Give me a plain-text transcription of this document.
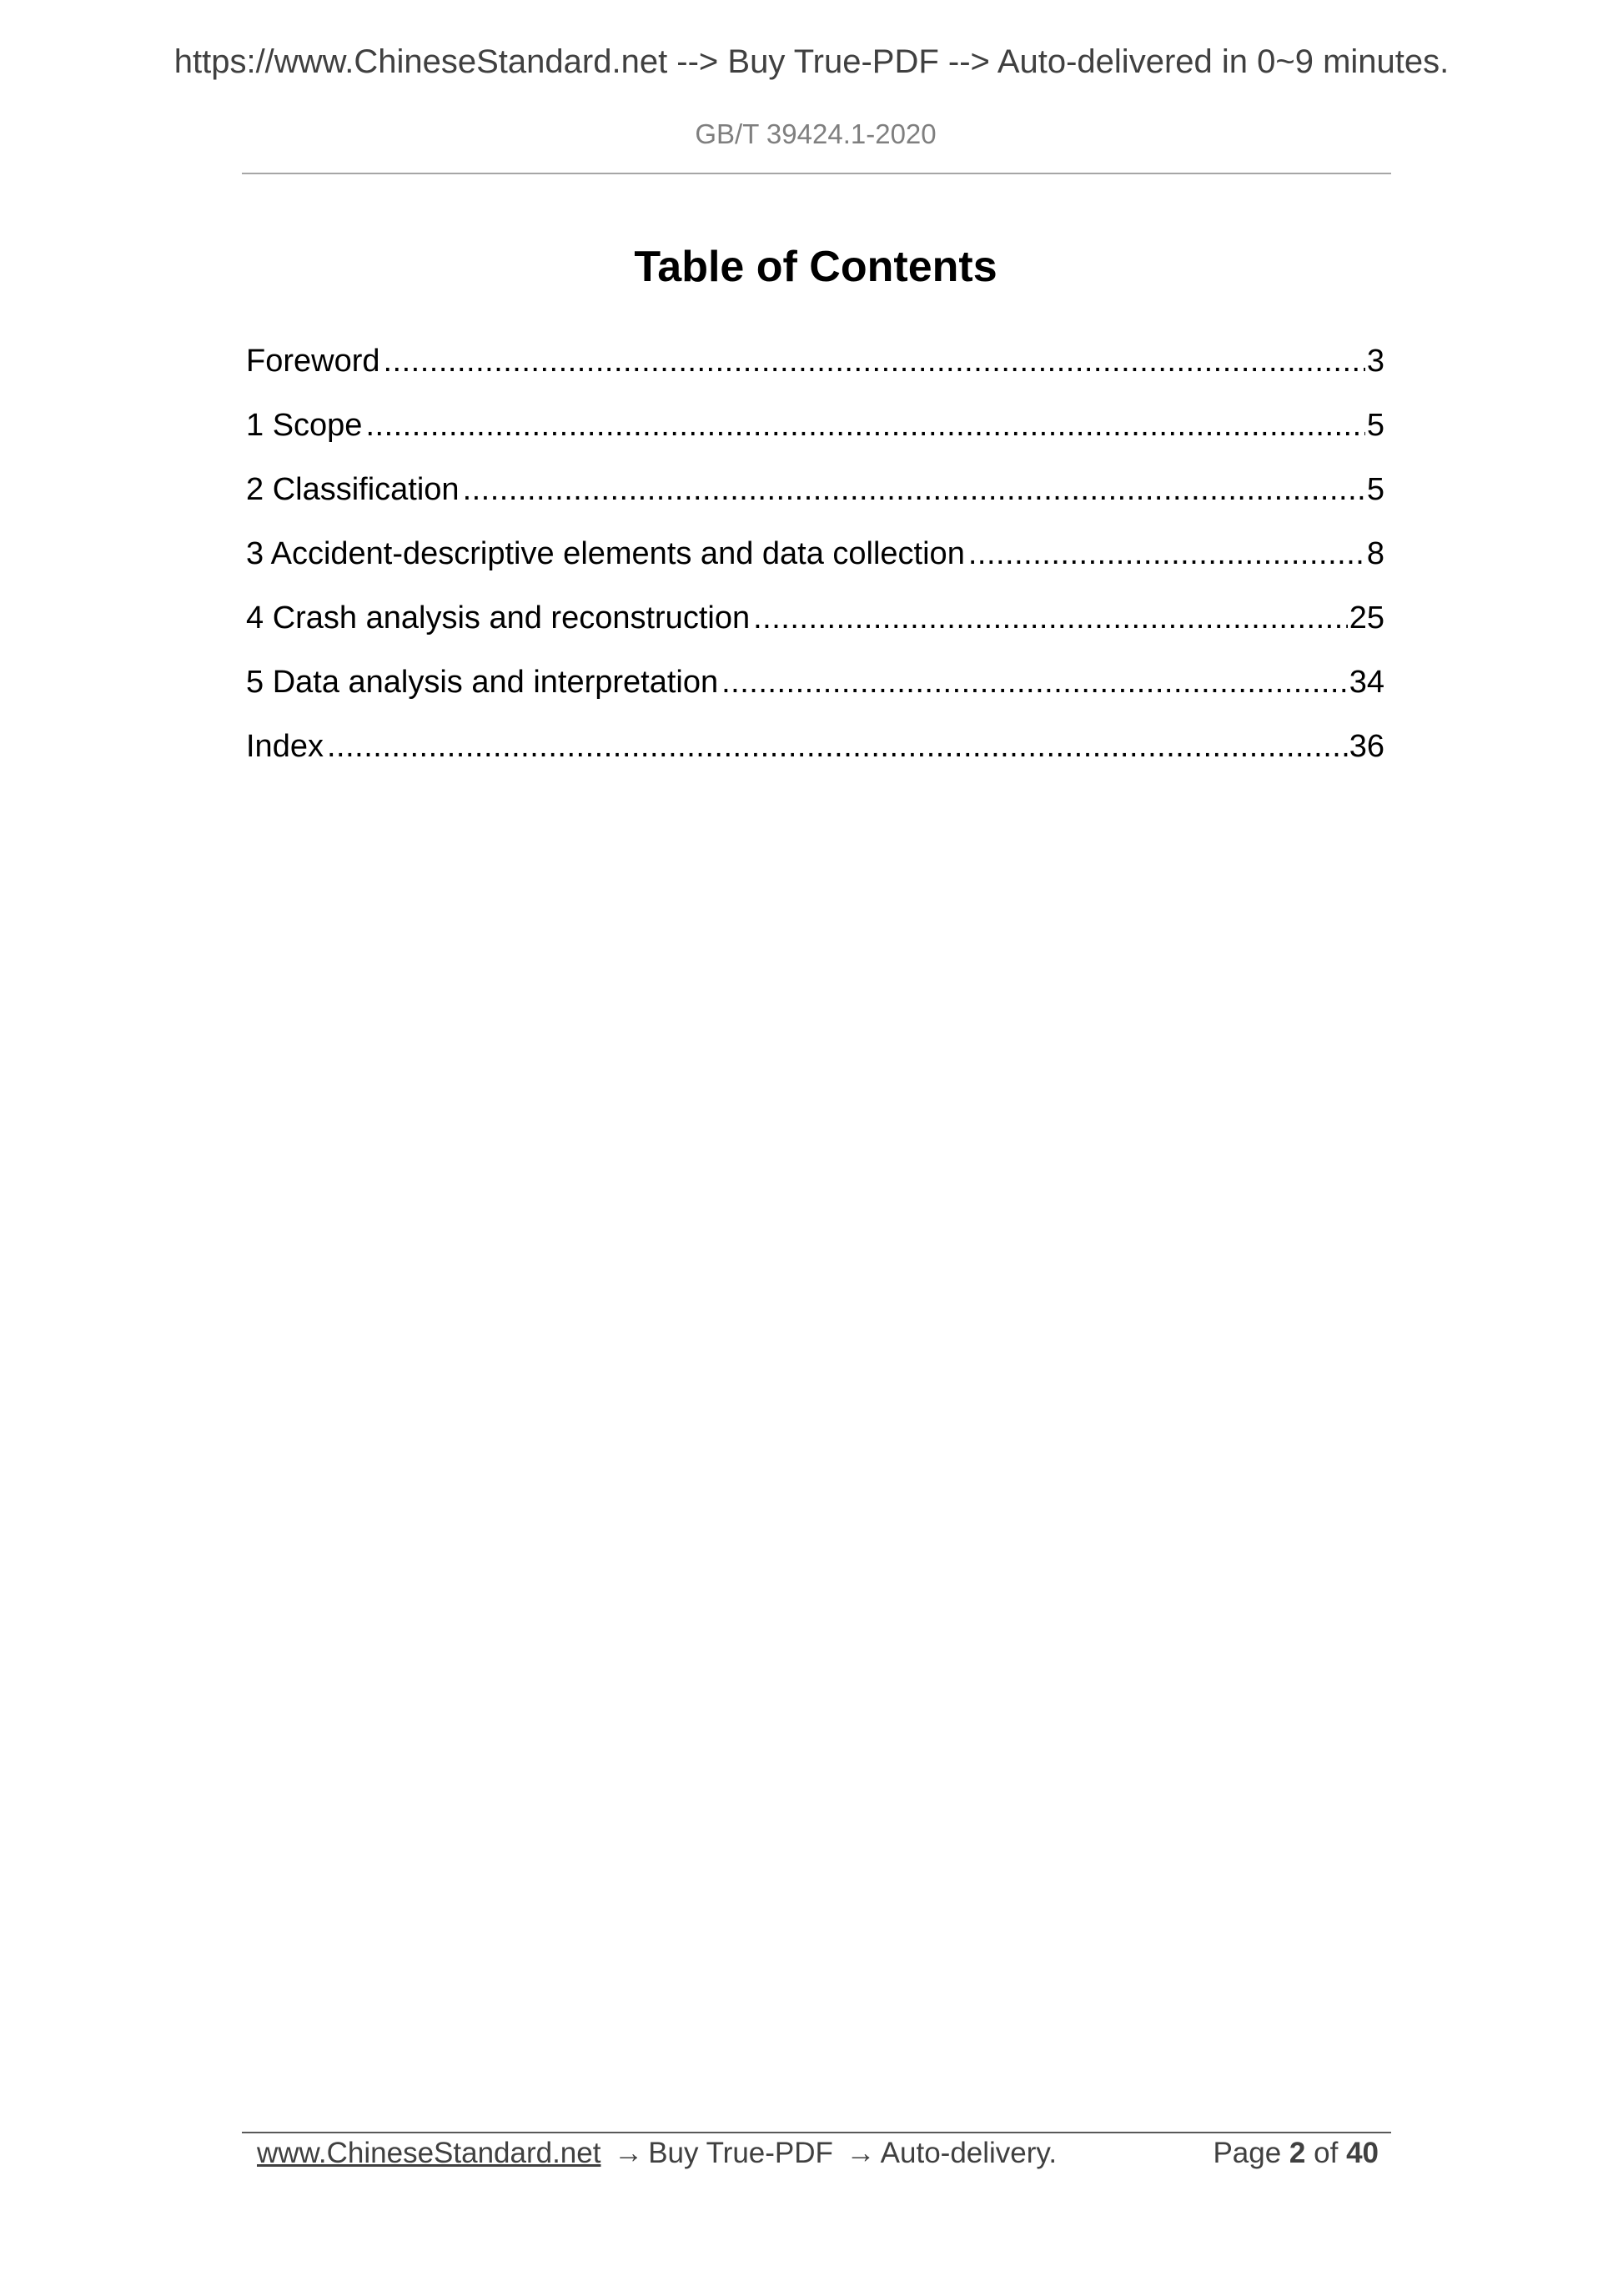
https://www.ChineseStandard.net --> Buy True-PDF --> Auto-delivered in 0~9 minutes.
GB/T 39424.1-2020
Table of Contents
Foreword .....	3
1 Scope .....	5
2 Classification .....	5
3 Accident-descriptive elements and data collection .....	8
4 Crash analysis and reconstruction .....	25
5 Data analysis and interpretation .....	34
Index .....	36
www.ChineseStandard.net → Buy True-PDF → Auto-delivery.	Page 2 of 40
